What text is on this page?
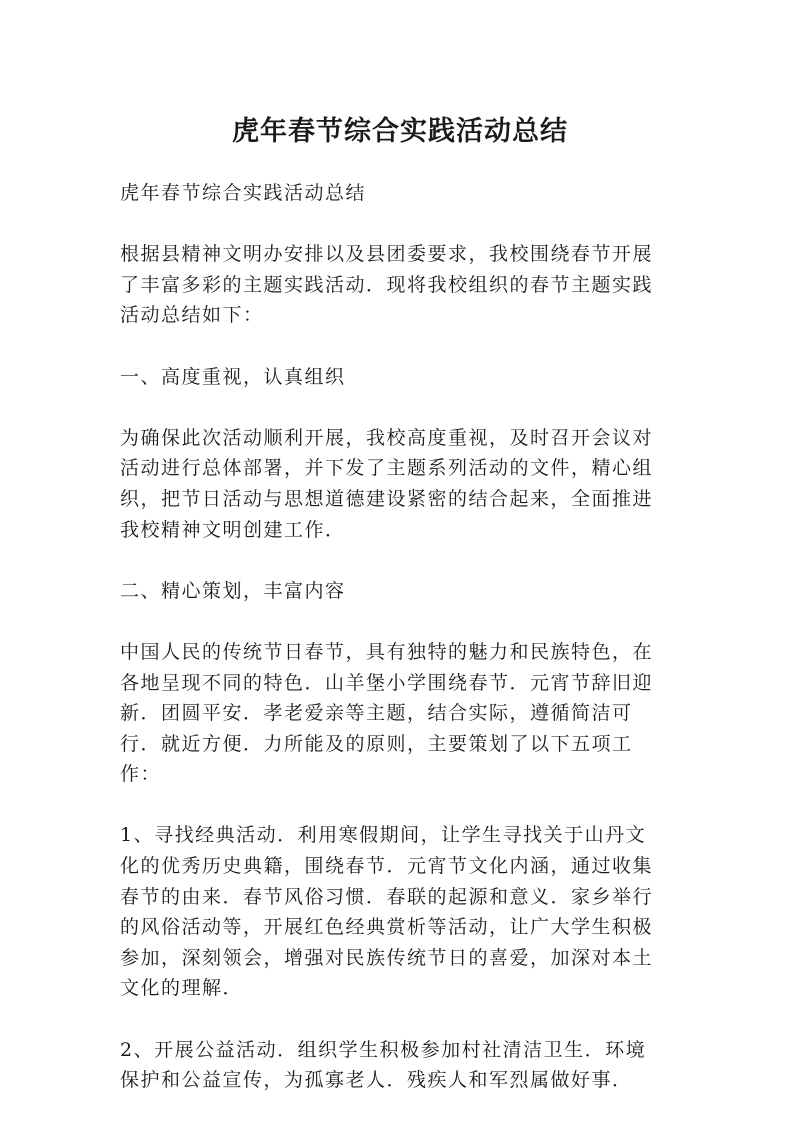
虎年春节综合实践活动总结

虎年春节综合实践活动总结

根据县精神文明办安排以及县团委要求，我校围绕春节开展了丰富多彩的主题实践活动．现将我校组织的春节主题实践活动总结如下：

一、高度重视，认真组织

为确保此次活动顺利开展，我校高度重视，及时召开会议对活动进行总体部署，并下发了主题系列活动的文件，精心组织，把节日活动与思想道德建设紧密的结合起来，全面推进我校精神文明创建工作．

二、精心策划，丰富内容

中国人民的传统节日春节，具有独特的魅力和民族特色，在各地呈现不同的特色．山羊堡小学围绕春节．元宵节辞旧迎新．团圆平安．孝老爱亲等主题，结合实际，遵循简洁可行．就近方便．力所能及的原则，主要策划了以下五项工作：

1、寻找经典活动．利用寒假期间，让学生寻找关于山丹文化的优秀历史典籍，围绕春节．元宵节文化内涵，通过收集春节的由来．春节风俗习惯．春联的起源和意义．家乡举行的风俗活动等，开展红色经典赏析等活动，让广大学生积极参加，深刻领会，增强对民族传统节日的喜爱，加深对本土文化的理解．

2、开展公益活动．组织学生积极参加村社清洁卫生．环境保护和公益宣传，为孤寡老人．残疾人和军烈属做好事．
